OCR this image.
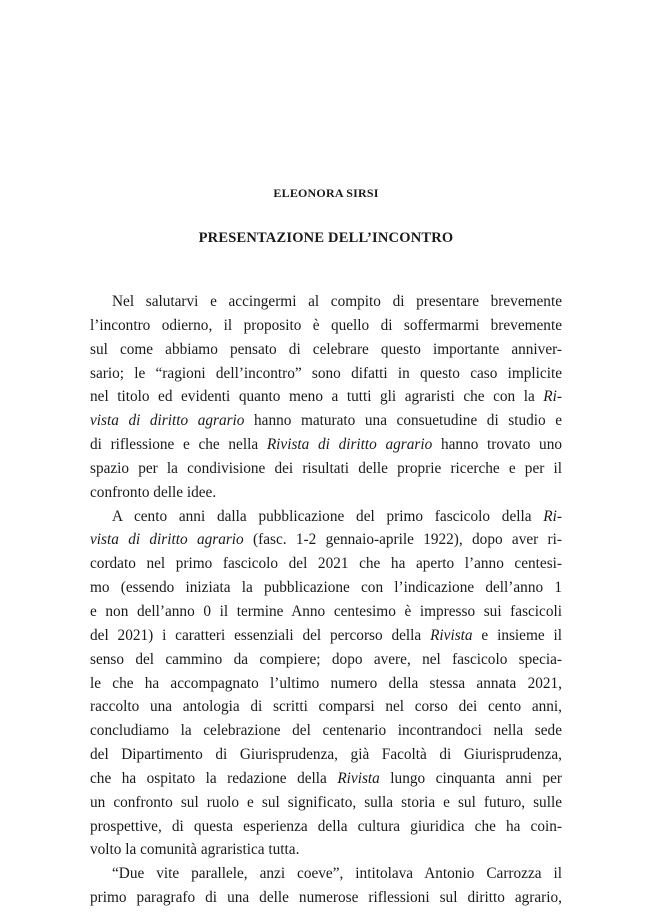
ELEONORA SIRSI
PRESENTAZIONE DELL’INCONTRO
Nel salutarvi e accingermi al compito di presentare brevemente
l’incontro odierno, il proposito è quello di soffermarmi brevemente
sul come abbiamo pensato di celebrare questo importante anniver-
sario; le “ragioni dell’incontro” sono difatti in questo caso implicite
nel titolo ed evidenti quanto meno a tutti gli agraristi che con la Ri-
vista di diritto agrario hanno maturato una consuetudine di studio e
di riflessione e che nella Rivista di diritto agrario hanno trovato uno
spazio per la condivisione dei risultati delle proprie ricerche e per il
confronto delle idee.
A cento anni dalla pubblicazione del primo fascicolo della Ri-
vista di diritto agrario (fasc. 1-2 gennaio-aprile 1922), dopo aver ri-
cordato nel primo fascicolo del 2021 che ha aperto l’anno centesi-
mo (essendo iniziata la pubblicazione con l’indicazione dell’anno 1
e non dell’anno 0 il termine Anno centesimo è impresso sui fascicoli
del 2021) i caratteri essenziali del percorso della Rivista e insieme il
senso del cammino da compiere; dopo avere, nel fascicolo specia-
le che ha accompagnato l’ultimo numero della stessa annata 2021,
raccolto una antologia di scritti comparsi nel corso dei cento anni,
concludiamo la celebrazione del centenario incontrandoci nella sede
del Dipartimento di Giurisprudenza, già Facoltà di Giurisprudenza,
che ha ospitato la redazione della Rivista lungo cinquanta anni per
un confronto sul ruolo e sul significato, sulla storia e sul futuro, sulle
prospettive, di questa esperienza della cultura giuridica che ha coin-
volto la comunità agraristica tutta.
“Due vite parallele, anzi coeve”, intitolava Antonio Carrozza il
primo paragrafo di una delle numerose riflessioni sul diritto agrario,
